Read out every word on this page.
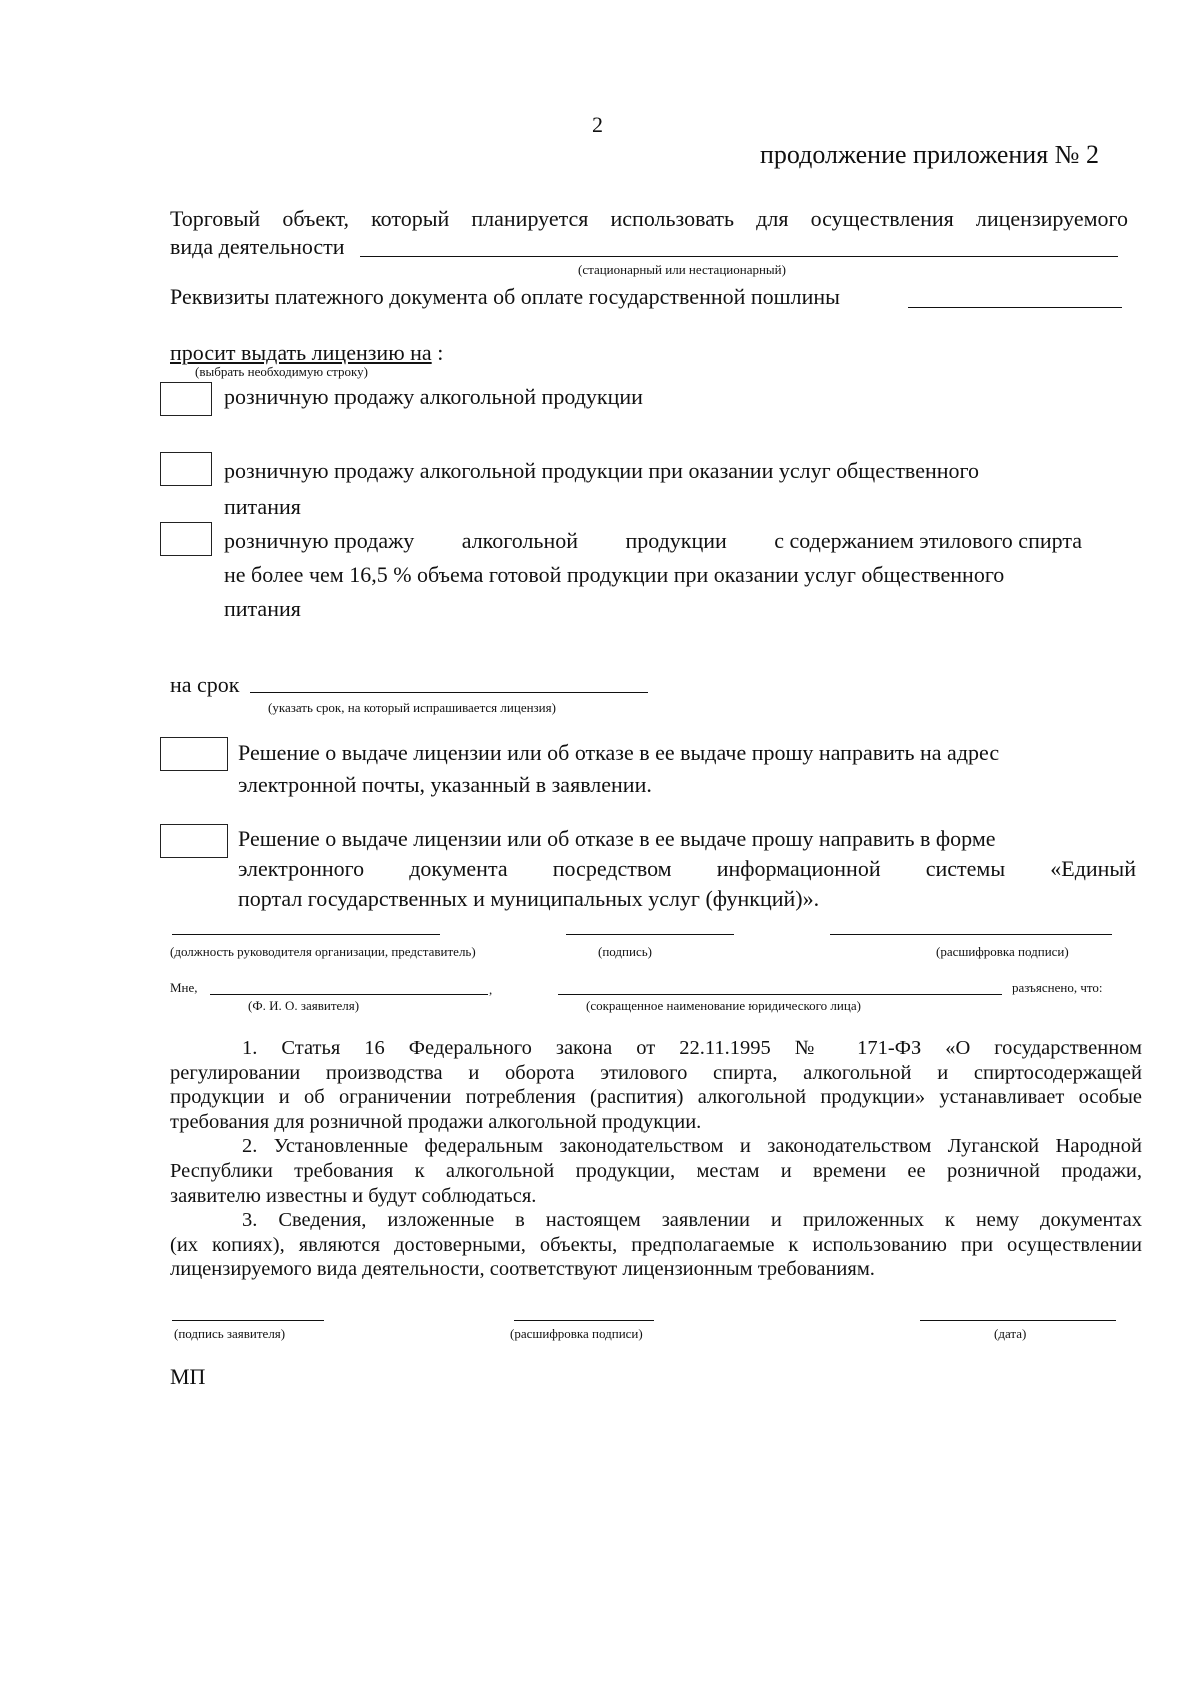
2
продолжение приложения № 2
Торговый объект, который планируется использовать для осуществления лицензируемого
вида деятельности
(стационарный или нестационарный)
Реквизиты платежного документа об оплате государственной пошлины
просит выдать лицензию на :
(выбрать необходимую строку)
розничную продажу алкогольной продукции
розничную продажу алкогольной продукции при оказании услуг общественного
питания
розничную продажу алкогольной продукции с содержанием этилового спирта
не более чем 16,5 % объема готовой продукции при оказании услуг общественного
питания
на срок
(указать срок, на который испрашивается лицензия)
Решение о выдаче лицензии или об отказе в ее выдаче прошу направить на адрес
электронной почты, указанный в заявлении.
Решение о выдаче лицензии или об отказе в ее выдаче прошу направить в форме
электронного документа посредством информационной системы «Единый
портал государственных и муниципальных услуг (функций)».
(должность руководителя организации, представитель)	(подпись)	(расшифровка подписи)
Мне,	,	разъяснено, что:
(Ф. И. О. заявителя)	(сокращенное наименование юридического лица)
1. Статья 16 Федерального закона от 22.11.1995 № 171-ФЗ «О государственном
регулировании производства и оборота этилового спирта, алкогольной и спиртосодержащей
продукции и об ограничении потребления (распития) алкогольной продукции» устанавливает особые
требования для розничной продажи алкогольной продукции.
2. Установленные федеральным законодательством и законодательством Луганской Народной
Республики требования к алкогольной продукции, местам и времени ее розничной продажи,
заявителю известны и будут соблюдаться.
3. Сведения, изложенные в настоящем заявлении и приложенных к нему документах
(их копиях), являются достоверными, объекты, предполагаемые к использованию при осуществлении
лицензируемого вида деятельности, соответствуют лицензионным требованиям.
(подпись заявителя)	(расшифровка подписи)	(дата)
МП
